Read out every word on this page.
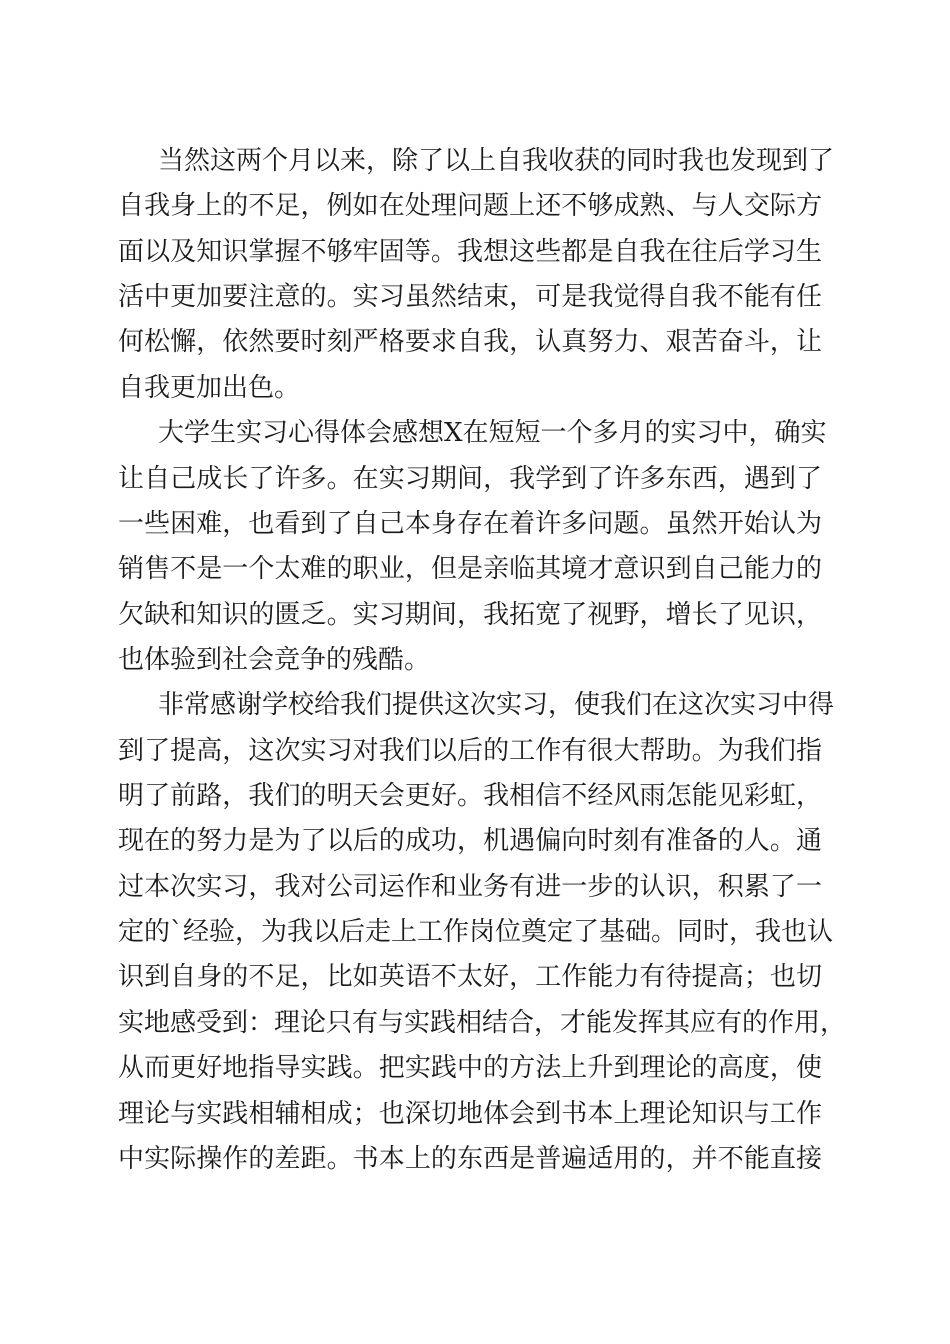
当然这两个月以来，除了以上自我收获的同时我也发现到了
自我身上的不足，例如在处理问题上还不够成熟、与人交际方
面以及知识掌握不够牢固等。我想这些都是自我在往后学习生
活中更加要注意的。实习虽然结束，可是我觉得自我不能有任
何松懈，依然要时刻严格要求自我，认真努力、艰苦奋斗，让
自我更加出色。
大学生实习心得体会感想X在短短一个多月的实习中，确实
让自己成长了许多。在实习期间，我学到了许多东西，遇到了
一些困难，也看到了自己本身存在着许多问题。虽然开始认为
销售不是一个太难的职业，但是亲临其境才意识到自己能力的
欠缺和知识的匮乏。实习期间，我拓宽了视野，增长了见识，
也体验到社会竞争的残酷。
非常感谢学校给我们提供这次实习，使我们在这次实习中得
到了提高，这次实习对我们以后的工作有很大帮助。为我们指
明了前路，我们的明天会更好。我相信不经风雨怎能见彩虹，
现在的努力是为了以后的成功，机遇偏向时刻有准备的人。通
过本次实习，我对公司运作和业务有进一步的认识，积累了一
定的`经验，为我以后走上工作岗位奠定了基础。同时，我也认
识到自身的不足，比如英语不太好，工作能力有待提高；也切
实地感受到：理论只有与实践相结合，才能发挥其应有的作用，
从而更好地指导实践。把实践中的方法上升到理论的高度，使
理论与实践相辅相成；也深切地体会到书本上理论知识与工作
中实际操作的差距。书本上的东西是普遍适用的，并不能直接
